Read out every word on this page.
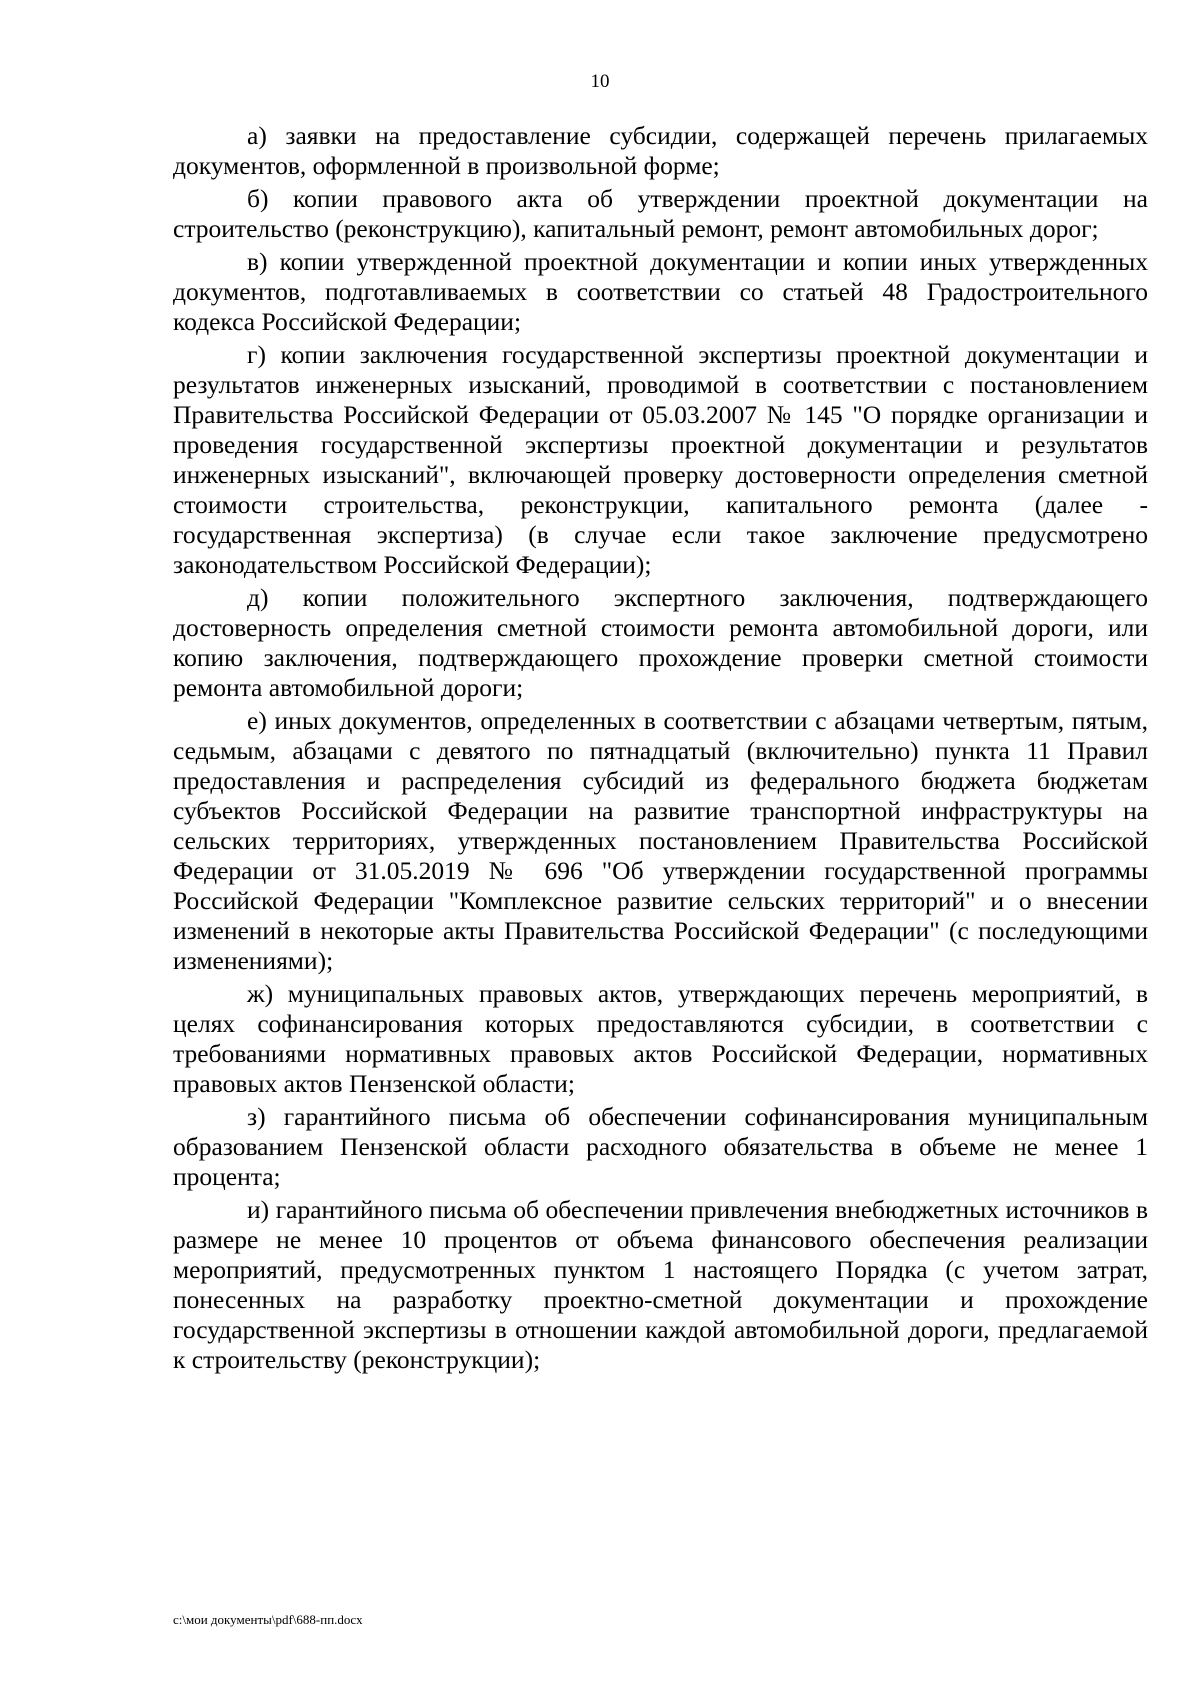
10

а) заявки на предоставление субсидии, содержащей перечень прилагаемых документов, оформленной в произвольной форме;

б) копии правового акта об утверждении проектной документации на строительство (реконструкцию), капитальный ремонт, ремонт автомобильных дорог;

в) копии утвержденной проектной документации и копии иных утвержденных документов, подготавливаемых в соответствии со статьей 48 Градостроительного кодекса Российской Федерации;

г) копии заключения государственной экспертизы проектной документации и результатов инженерных изысканий, проводимой в соответствии с постановлением Правительства Российской Федерации от 05.03.2007 № 145 "О порядке организации и проведения государственной экспертизы проектной документации и результатов инженерных изысканий", включающей проверку достоверности определения сметной стоимости строительства, реконструкции, капитального ремонта (далее - государственная экспертиза) (в случае если такое заключение предусмотрено законодательством Российской Федерации);

д) копии положительного экспертного заключения, подтверждающего достоверность определения сметной стоимости ремонта автомобильной дороги, или копию заключения, подтверждающего прохождение проверки сметной стоимости ремонта автомобильной дороги;

е) иных документов, определенных в соответствии с абзацами четвертым, пятым, седьмым, абзацами с девятого по пятнадцатый (включительно) пункта 11 Правил предоставления и распределения субсидий из федерального бюджета бюджетам субъектов Российской Федерации на развитие транспортной инфраструктуры на сельских территориях, утвержденных постановлением Правительства Российской Федерации от 31.05.2019 № 696 "Об утверждении государственной программы Российской Федерации "Комплексное развитие сельских территорий" и о внесении изменений в некоторые акты Правительства Российской Федерации" (с последующими изменениями);

ж) муниципальных правовых актов, утверждающих перечень мероприятий, в целях софинансирования которых предоставляются субсидии, в соответствии с требованиями нормативных правовых актов Российской Федерации, нормативных правовых актов Пензенской области;

з) гарантийного письма об обеспечении софинансирования муниципальным образованием Пензенской области расходного обязательства в объеме не менее 1 процента;

и) гарантийного письма об обеспечении привлечения внебюджетных источников в размере не менее 10 процентов от объема финансового обеспечения реализации мероприятий, предусмотренных пунктом 1 настоящего Порядка (с учетом затрат, понесенных на разработку проектно-сметной документации и прохождение государственной экспертизы в отношении каждой автомобильной дороги, предлагаемой к строительству (реконструкции);

c:\мои документы\pdf\688-пп.docx
